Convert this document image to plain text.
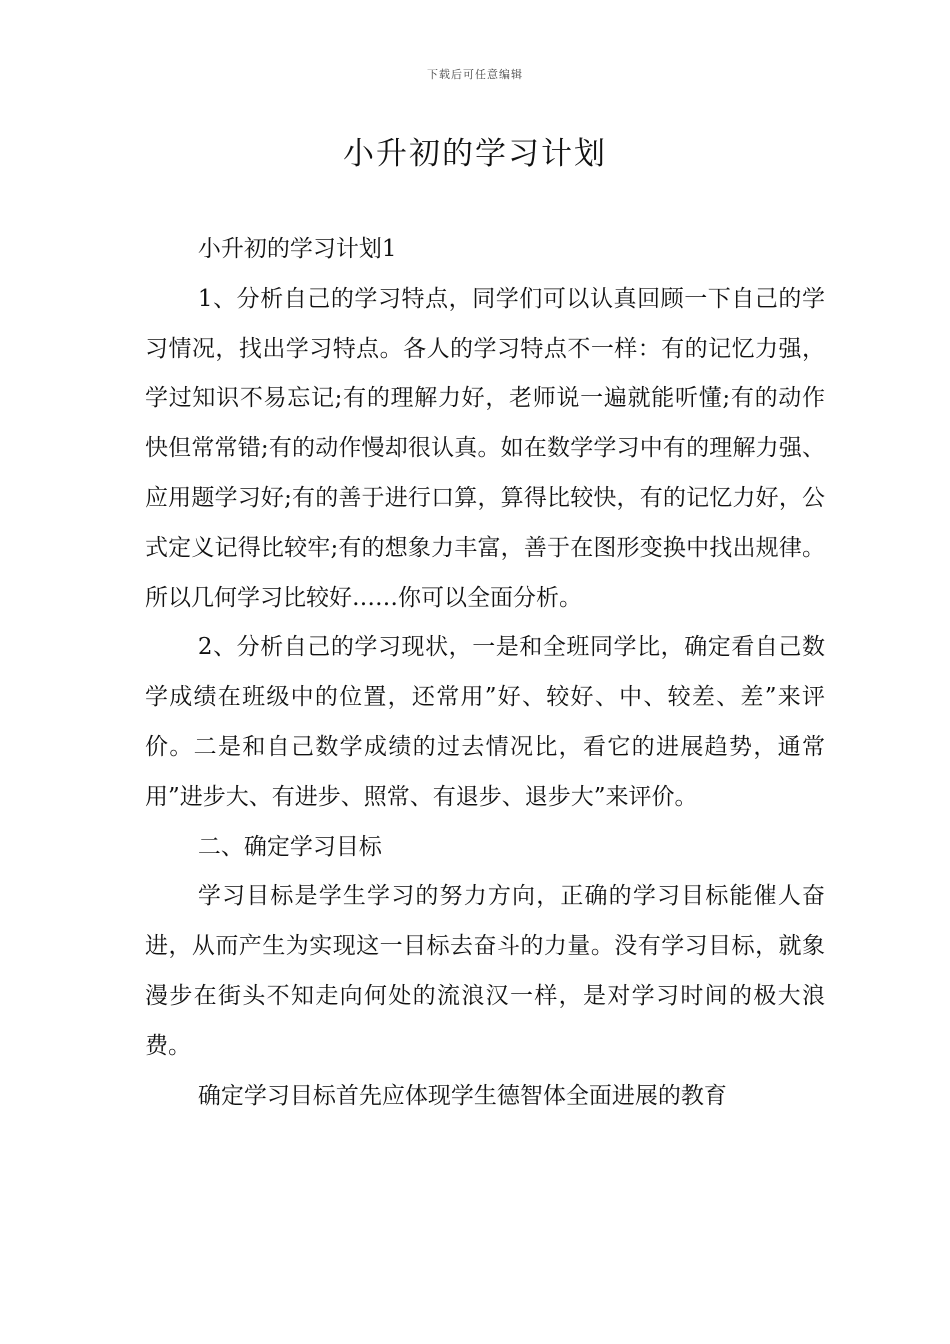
下载后可任意编辑
小升初的学习计划

小升初的学习计划1

1、分析自己的学习特点，同学们可以认真回顾一下自己的学习情况，找出学习特点。各人的学习特点不一样：有的记忆力强，学过知识不易忘记;有的理解力好，老师说一遍就能听懂;有的动作快但常常错;有的动作慢却很认真。如在数学学习中有的理解力强、应用题学习好;有的善于进行口算，算得比较快，有的记忆力好，公式定义记得比较牢;有的想象力丰富，善于在图形变换中找出规律。所以几何学习比较好……你可以全面分析。

2、分析自己的学习现状，一是和全班同学比，确定看自己数学成绩在班级中的位置，还常用”好、较好、中、较差、差”来评价。二是和自己数学成绩的过去情况比，看它的进展趋势，通常用”进步大、有进步、照常、有退步、退步大”来评价。

二、确定学习目标

学习目标是学生学习的努力方向，正确的学习目标能催人奋进，从而产生为实现这一目标去奋斗的力量。没有学习目标，就象漫步在街头不知走向何处的流浪汉一样，是对学习时间的极大浪费。

确定学习目标首先应体现学生德智体全面进展的教育
